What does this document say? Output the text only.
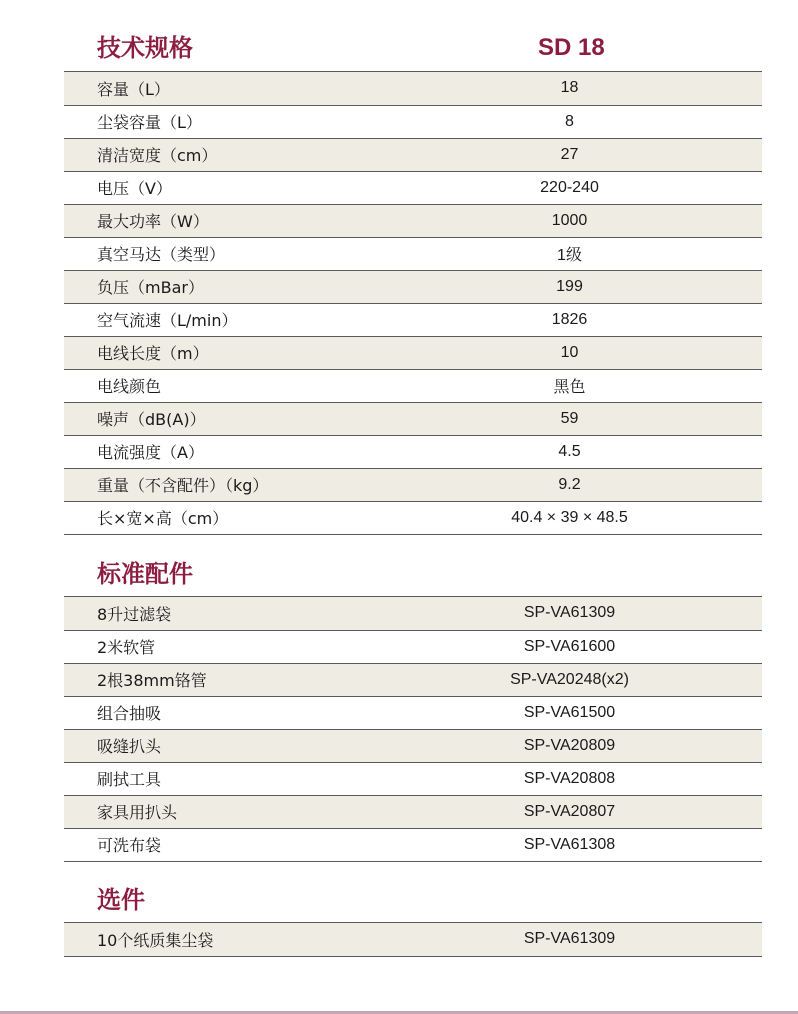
技术规格	SD 18
容量（L）	18
尘袋容量（L）	8
清洁宽度（cm）	27
电压（V）	220-240
最大功率（W）	1000
真空马达（类型）	1级
负压（mBar）	199
空气流速（L/min）	1826
电线长度（m）	10
电线颜色	黑色
噪声（dB(A)）	59
电流强度（A）	4.5
重量（不含配件）（kg）	9.2
长×宽×高（cm）	40.4 × 39 × 48.5
标准配件
8升过滤袋	SP-VA61309
2米软管	SP-VA61600
2根38mm铬管	SP-VA20248(x2)
组合抽吸	SP-VA61500
吸缝扒头	SP-VA20809
刷拭工具	SP-VA20808
家具用扒头	SP-VA20807
可洗布袋	SP-VA61308
选件
10个纸质集尘袋	SP-VA61309
